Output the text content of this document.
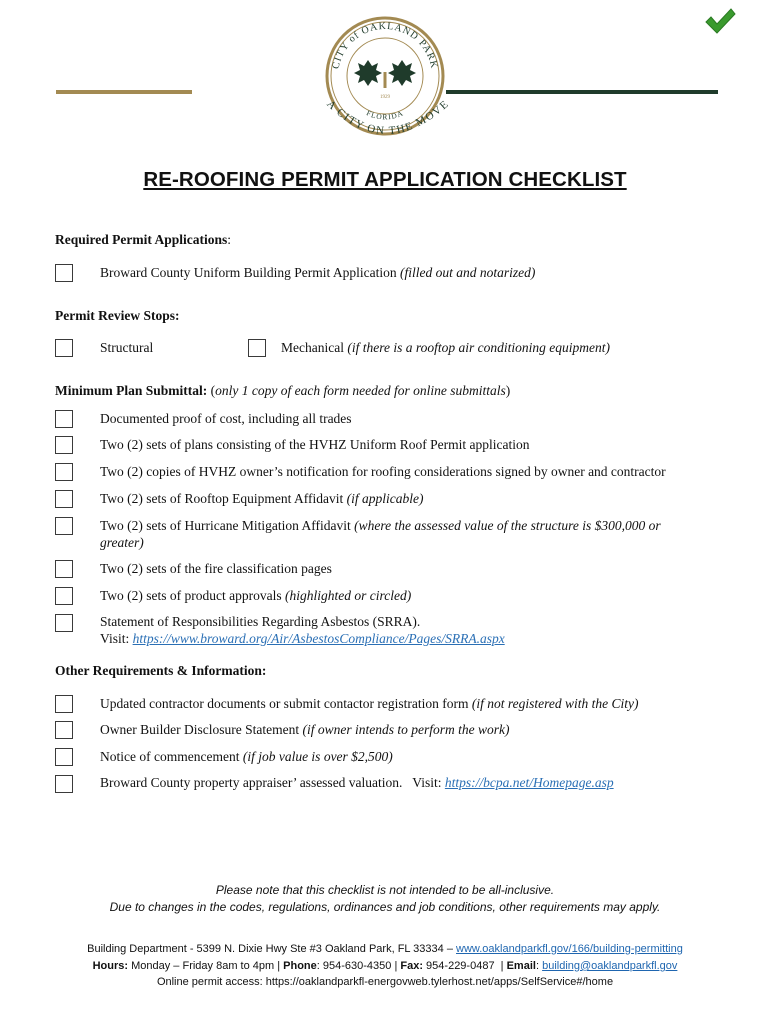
CITY of OAKLAND PARK
FLORIDA
1929
A CITY ON THE MOVE
RE-ROOFING PERMIT APPLICATION CHECKLIST
Required Permit Applications:
Broward County Uniform Building Permit Application (filled out and notarized)
Permit Review Stops:
Structural	Mechanical (if there is a rooftop air conditioning equipment)
Minimum Plan Submittal: (only 1 copy of each form needed for online submittals)
Documented proof of cost, including all trades
Two (2) sets of plans consisting of the HVHZ Uniform Roof Permit application
Two (2) copies of HVHZ owner’s notification for roofing considerations signed by owner and contractor
Two (2) sets of Rooftop Equipment Affidavit (if applicable)
Two (2) sets of Hurricane Mitigation Affidavit (where the assessed value of the structure is $300,000 or greater)
Two (2) sets of the fire classification pages
Two (2) sets of product approvals (highlighted or circled)
Statement of Responsibilities Regarding Asbestos (SRRA).
Visit: https://www.broward.org/Air/AsbestosCompliance/Pages/SRRA.aspx
Other Requirements & Information:
Updated contractor documents or submit contactor registration form (if not registered with the City)
Owner Builder Disclosure Statement (if owner intends to perform the work)
Notice of commencement (if job value is over $2,500)
Broward County property appraiser’ assessed valuation.   Visit: https://bcpa.net/Homepage.asp
Please note that this checklist is not intended to be all-inclusive.
Due to changes in the codes, regulations, ordinances and job conditions, other requirements may apply.
Building Department - 5399 N. Dixie Hwy Ste #3 Oakland Park, FL 33334 – www.oaklandparkfl.gov/166/building-permitting
Hours: Monday – Friday 8am to 4pm | Phone: 954-630-4350 | Fax: 954-229-0487  | Email: building@oaklandparkfl.gov
Online permit access: https://oaklandparkfl-energovweb.tylerhost.net/apps/SelfService#/home
